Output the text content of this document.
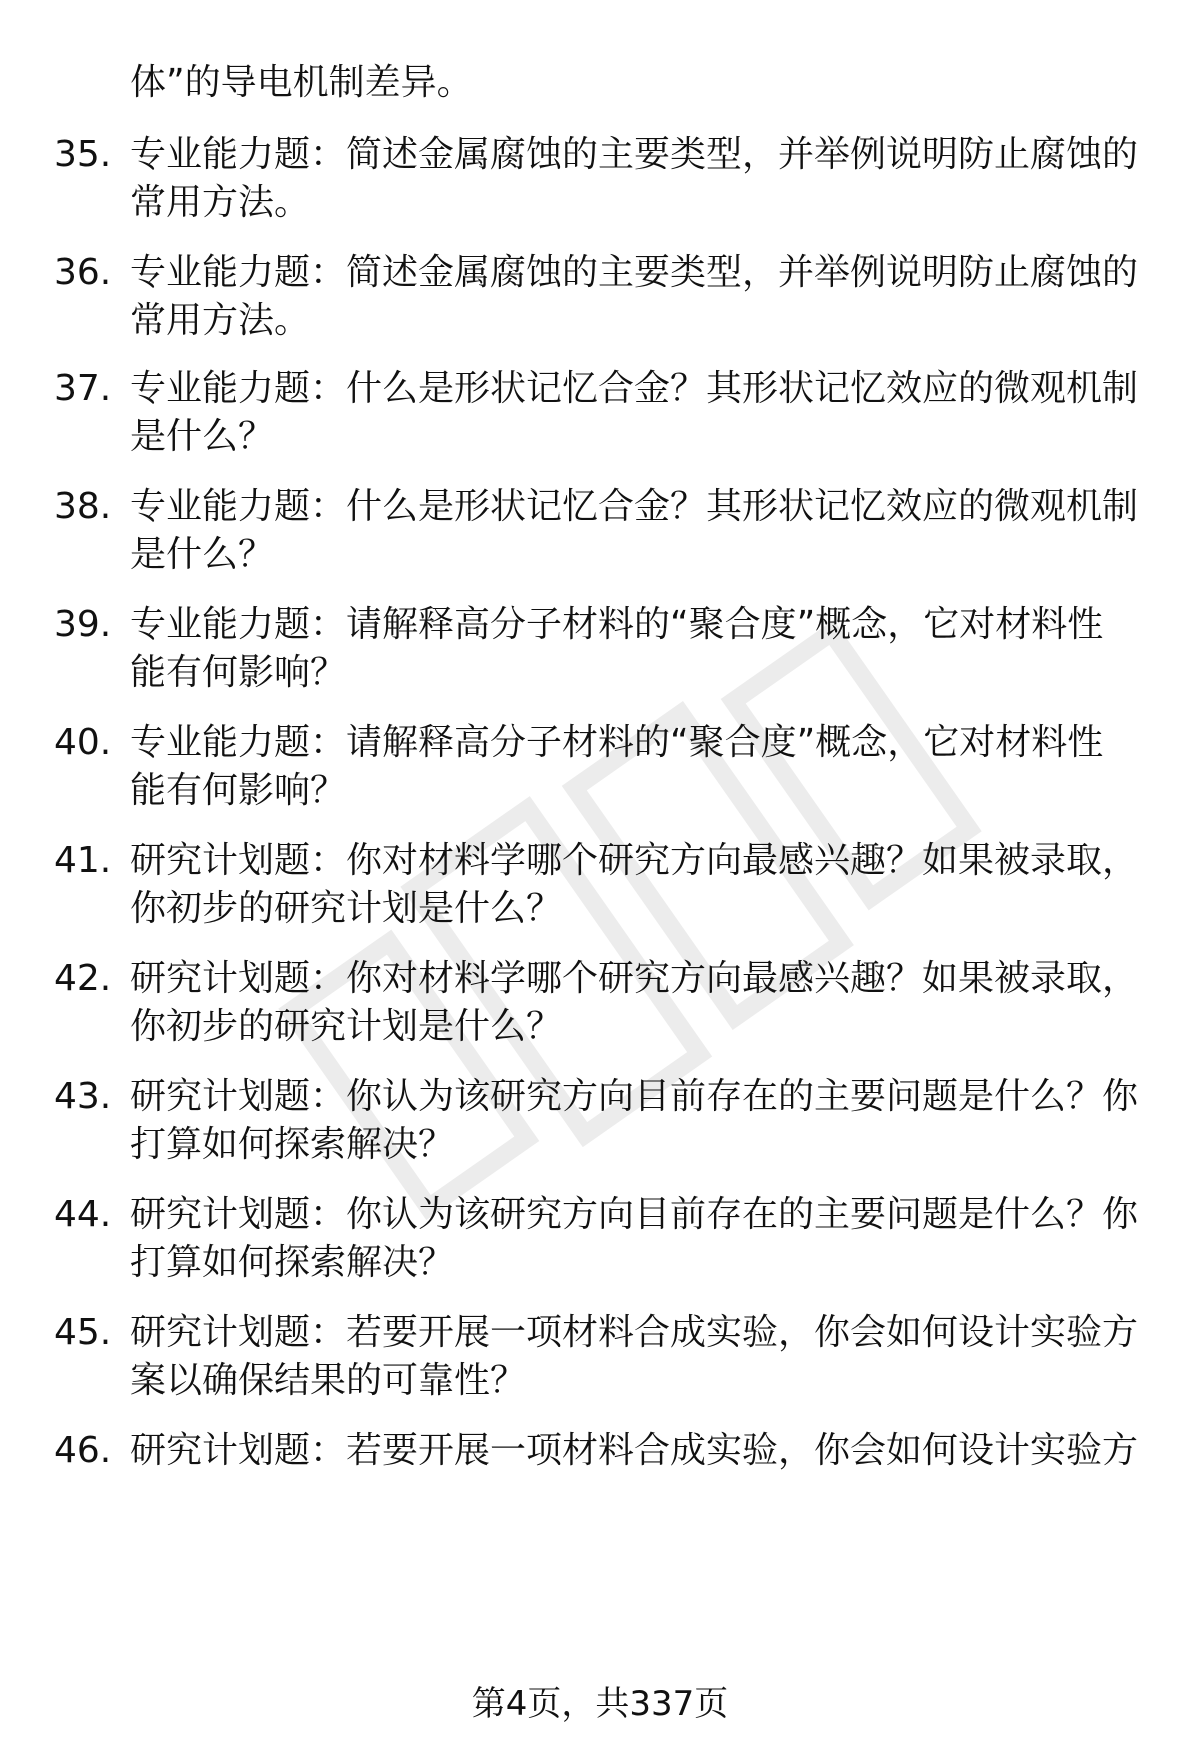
体”的导电机制差异。
35. 专业能力题：简述金属腐蚀的主要类型，并举例说明防止腐蚀的
常用方法。
36. 专业能力题：简述金属腐蚀的主要类型，并举例说明防止腐蚀的
常用方法。
37. 专业能力题：什么是形状记忆合金？其形状记忆效应的微观机制
是什么？
38. 专业能力题：什么是形状记忆合金？其形状记忆效应的微观机制
是什么？
39. 专业能力题：请解释高分子材料的“聚合度”概念，它对材料性
能有何影响？
40. 专业能力题：请解释高分子材料的“聚合度”概念，它对材料性
能有何影响？
41. 研究计划题：你对材料学哪个研究方向最感兴趣？如果被录取，
你初步的研究计划是什么？
42. 研究计划题：你对材料学哪个研究方向最感兴趣？如果被录取，
你初步的研究计划是什么？
43. 研究计划题：你认为该研究方向目前存在的主要问题是什么？你
打算如何探索解决？
44. 研究计划题：你认为该研究方向目前存在的主要问题是什么？你
打算如何探索解决？
45. 研究计划题：若要开展一项材料合成实验，你会如何设计实验方
案以确保结果的可靠性？
46. 研究计划题：若要开展一项材料合成实验，你会如何设计实验方
第4页，共337页
